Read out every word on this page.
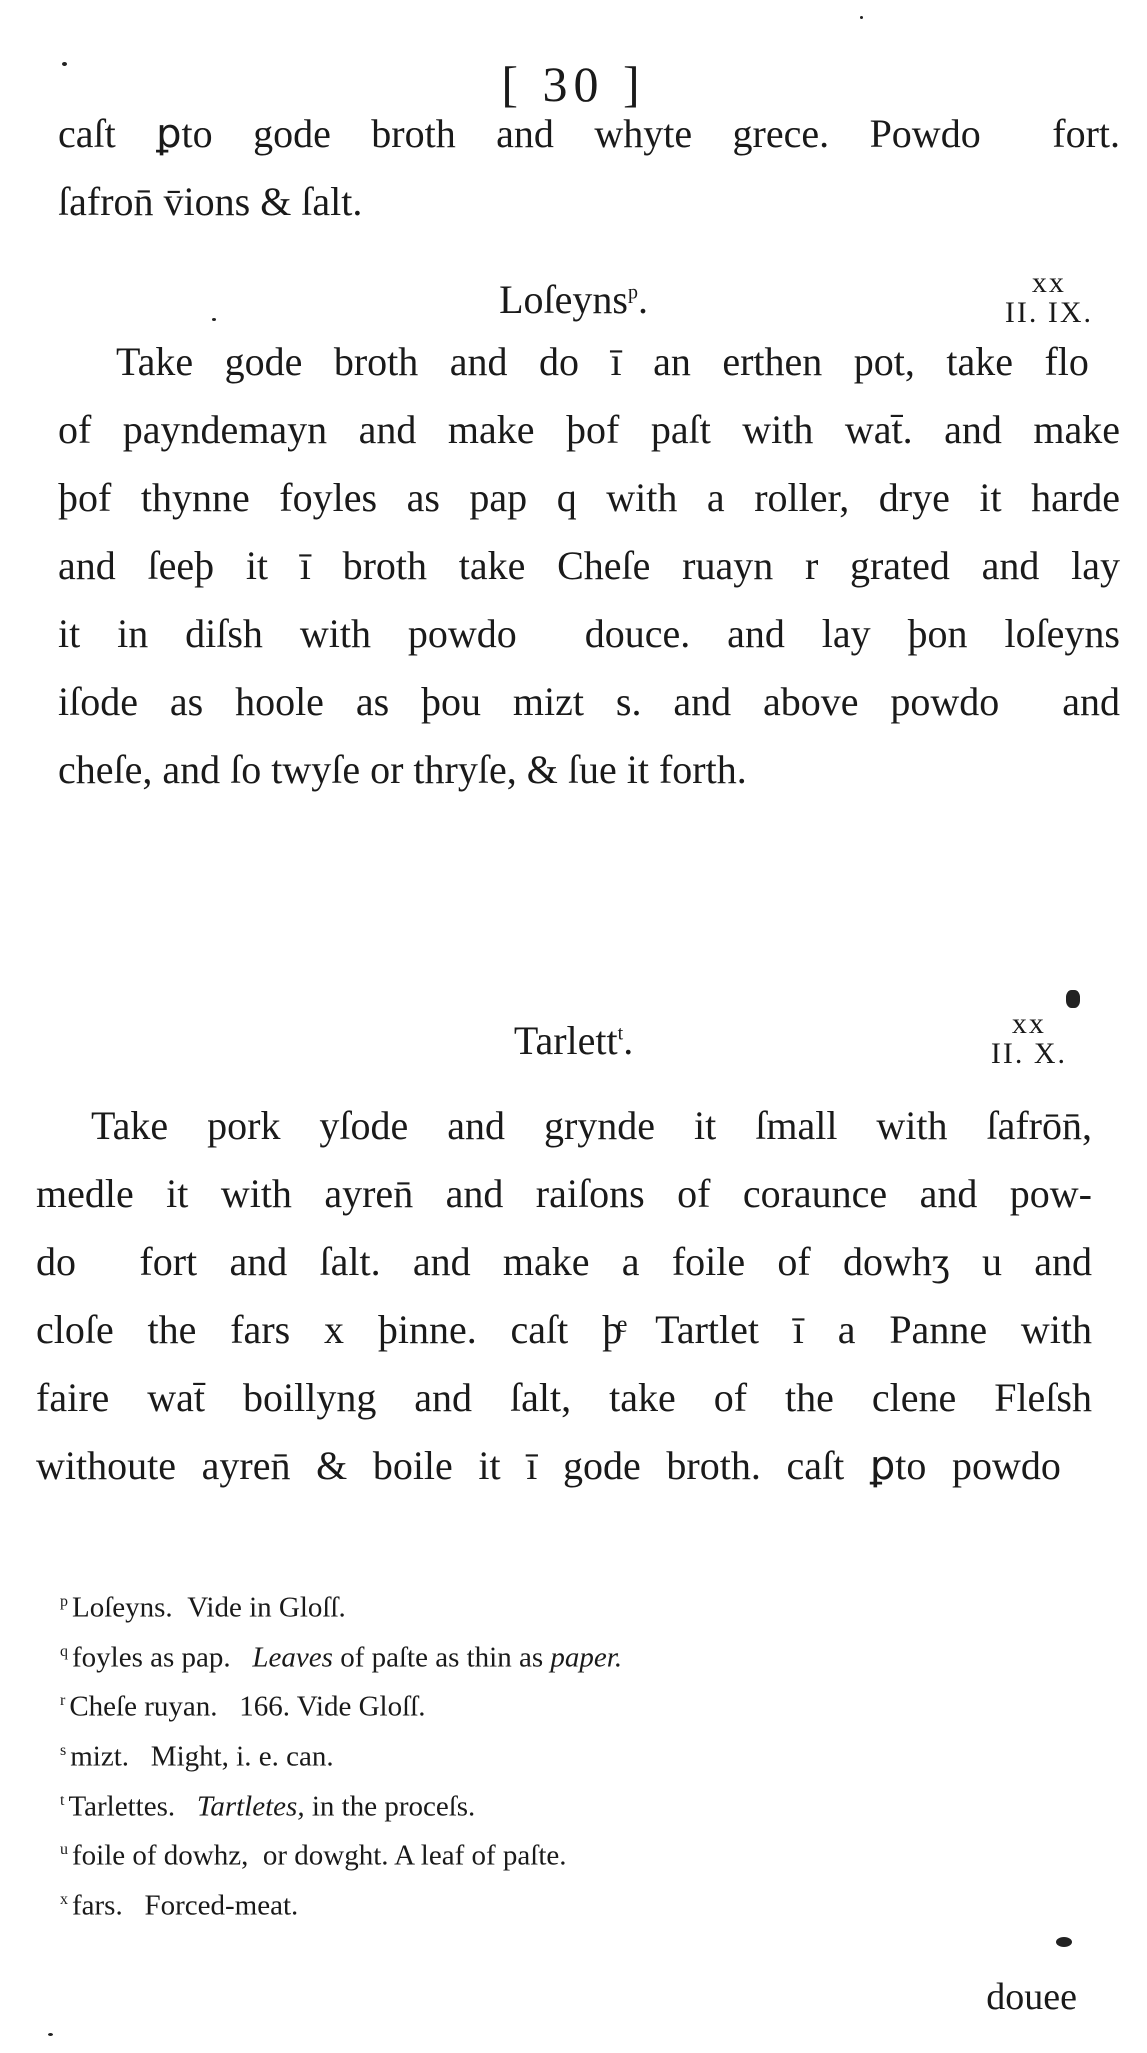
[ 30 ]
caſt ꝑto gode broth and whyte grece. Powdo᷑ fort.
ſafron̄ v̄ions & ſalt.
Loſeyns$^p$.	xx
II. IX.
Take gode broth and do ī an erthen pot, take flo᷑
of payndemayn and make þof paſt with wat̄. and make
þof thynne foyles as pap q with a roller, drye it harde
and ſeeþ it ī broth take Cheſe ruayn r grated and lay
it in diſsh with powdo᷑ douce. and lay þon loſeyns
iſode as hoole as þou mizt s. and above powdo᷑ and
cheſe, and ſo twyſe or thryſe, & ſue it forth.
Tarlett$^t$.	xx
II. X.
Take pork yſode and grynde it ſmall with ſafrōn̄,
medle it with ayren̄ and raiſons of coraunce and pow-
do᷑ fort and ſalt. and make a foile of dowhʒ u and
cloſe the fars x þinne. caſt þͤ Tartlet ī a Panne with
faire wat̄ boillyng and ſalt, take of the clene Fleſsh
withoute ayren̄ & boile it ī gode broth. caſt ꝑto powdo᷑
$^p$ Loſeyns. Vide in Gloſſ.
$^q$ foyles as pap. Leaves of paſte as thin as paper.
$^r$ Cheſe ruyan. 166. Vide Gloſſ.
$^s$ mizt. Might, i. e. can.
$^t$ Tarlettes. Tartletes, in the proceſs.
$^u$ foile of dowhz, or dowght. A leaf of paſte.
$^x$ fars. Forced-meat.
douee
